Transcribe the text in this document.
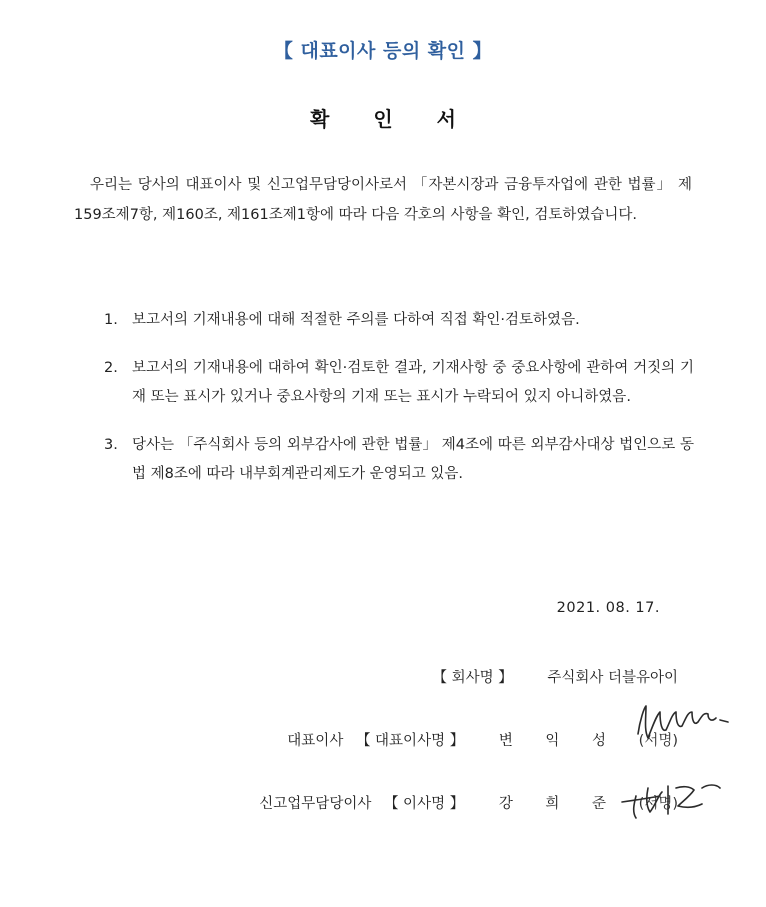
【 대표이사 등의 확인 】
확인서
우리는 당사의 대표이사 및 신고업무담당이사로서 「자본시장과 금융투자업에 관한 법률」 제159조제7항, 제160조, 제161조제1항에 따라 다음 각호의 사항을 확인, 검토하였습니다.
1. 보고서의 기재내용에 대해 적절한 주의를 다하여 직접 확인·검토하였음.
2. 보고서의 기재내용에 대하여 확인·검토한 결과, 기재사항 중 중요사항에 관하여 거짓의 기재 또는 표시가 있거나 중요사항의 기재 또는 표시가 누락되어 있지 아니하였음.
3. 당사는 「주식회사 등의 외부감사에 관한 법률」 제4조에 따른 외부감사대상 법인으로 동법 제8조에 따라 내부회계관리제도가 운영되고 있음.
2021. 08. 17.
【 회사명 】 주식회사 더블유아이
대표이사 【 대표이사명 】 변 익 성 (서명)
신고업무담당이사 【 이사명 】 강 희 준 (서명)
